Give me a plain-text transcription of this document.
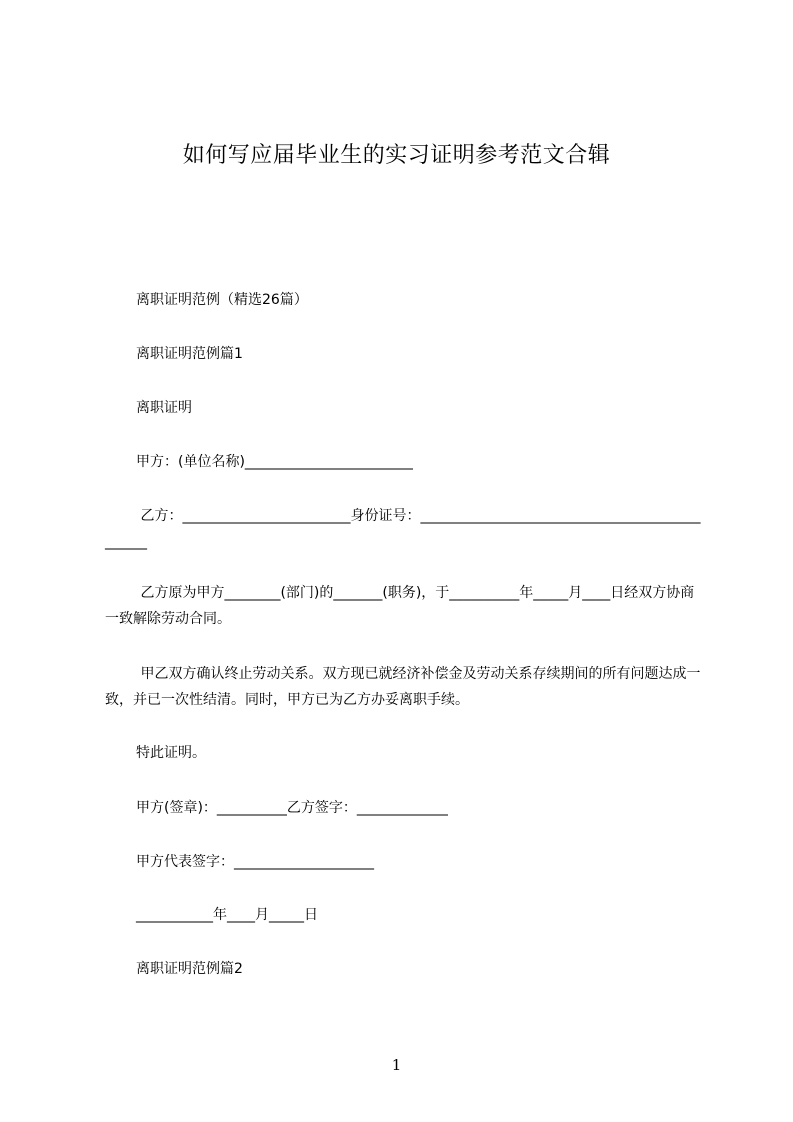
如何写应届毕业生的实习证明参考范文合辑
离职证明范例（精选26篇）
离职证明范例篇1
离职证明
甲方：(单位名称)________________________
乙方：________________________身份证号：______________________________________________
乙方原为甲方________(部门)的_______(职务)，于__________年_____月____日经双方协商一致解除劳动合同。
甲乙双方确认终止劳动关系。双方现已就经济补偿金及劳动关系存续期间的所有问题达成一致，并已一次性结清。同时，甲方已为乙方办妥离职手续。
特此证明。
甲方(签章)：__________乙方签字：_____________
甲方代表签字：____________________
___________年____月_____日
离职证明范例篇2
1
